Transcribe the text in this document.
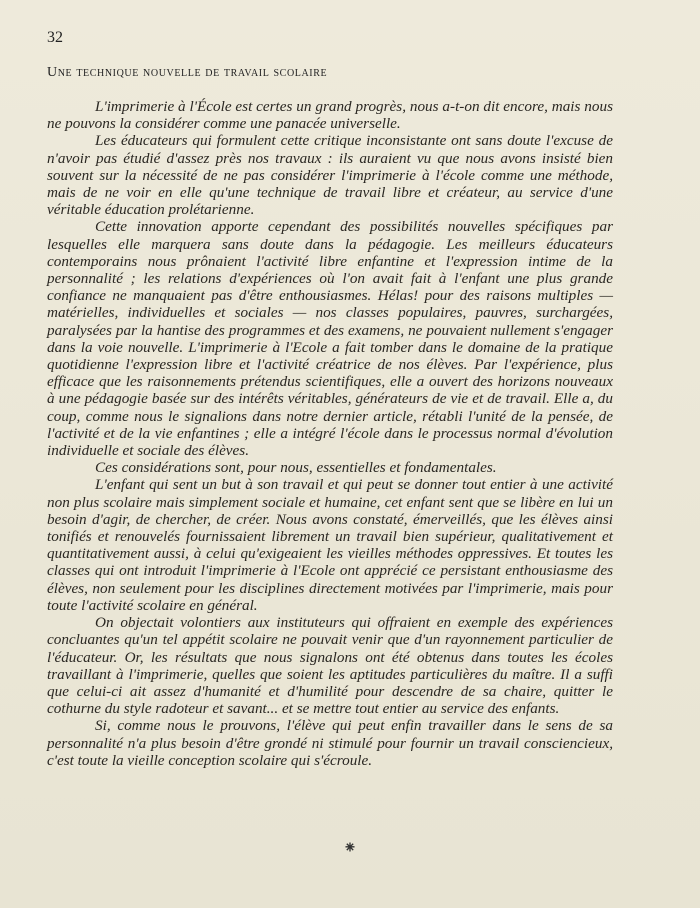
32
Une technique nouvelle de travail scolaire

L'imprimerie à l'École est certes un grand progrès, nous a-t-on dit encore, mais nous ne pouvons la considérer comme une panacée universelle.

Les éducateurs qui formulent cette critique inconsistante ont sans doute l'excuse de n'avoir pas étudié d'assez près nos travaux : ils auraient vu que nous avons insisté bien souvent sur la nécessité de ne pas considérer l'imprimerie à l'école comme une méthode, mais de ne voir en elle qu'une technique de travail libre et créateur, au service d'une véritable éducation prolétarienne.

Cette innovation apporte cependant des possibilités nouvelles spécifiques par lesquelles elle marquera sans doute dans la pédagogie. Les meilleurs éducateurs contemporains nous prônaient l'activité libre enfantine et l'expression intime de la personnalité ; les relations d'expériences où l'on avait fait à l'enfant une plus grande confiance ne manquaient pas d'être enthousiasmes. Hélas! pour des raisons multiples — matérielles, individuelles et sociales — nos classes populaires, pauvres, surchargées, paralysées par la hantise des programmes et des examens, ne pouvaient nullement s'engager dans la voie nouvelle. L'imprimerie à l'Ecole a fait tomber dans le domaine de la pratique quotidienne l'expression libre et l'activité créatrice de nos élèves. Par l'expérience, plus efficace que les raisonnements prétendus scientifiques, elle a ouvert des horizons nouveaux à une pédagogie basée sur des intérêts véritables, générateurs de vie et de travail. Elle a, du coup, comme nous le signalions dans notre dernier article, rétabli l'unité de la pensée, de l'activité et de la vie enfantines ; elle a intégré l'école dans le processus normal d'évolution individuelle et sociale des élèves.

Ces considérations sont, pour nous, essentielles et fondamentales.

L'enfant qui sent un but à son travail et qui peut se donner tout entier à une activité non plus scolaire mais simplement sociale et humaine, cet enfant sent que se libère en lui un besoin d'agir, de chercher, de créer. Nous avons constaté, émerveillés, que les élèves ainsi tonifiés et renouvelés fournissaient librement un travail bien supérieur, qualitativement et quantitativement aussi, à celui qu'exigeaient les vieilles méthodes oppressives. Et toutes les classes qui ont introduit l'imprimerie à l'Ecole ont apprécié ce persistant enthousiasme des élèves, non seulement pour les disciplines directement motivées par l'imprimerie, mais pour toute l'activité scolaire en général.

On objectait volontiers aux instituteurs qui offraient en exemple des expériences concluantes qu'un tel appétit scolaire ne pouvait venir que d'un rayonnement particulier de l'éducateur. Or, les résultats que nous signalons ont été obtenus dans toutes les écoles travaillant à l'imprimerie, quelles que soient les aptitudes particulières du maître. Il a suffi que celui-ci ait assez d'humanité et d'humilité pour descendre de sa chaire, quitter le cothurne du style radoteur et savant... et se mettre tout entier au service des enfants.

Si, comme nous le prouvons, l'élève qui peut enfin travailler dans le sens de sa personnalité n'a plus besoin d'être grondé ni stimulé pour fournir un travail consciencieux, c'est toute la vieille conception scolaire qui s'écroule.

⁕
